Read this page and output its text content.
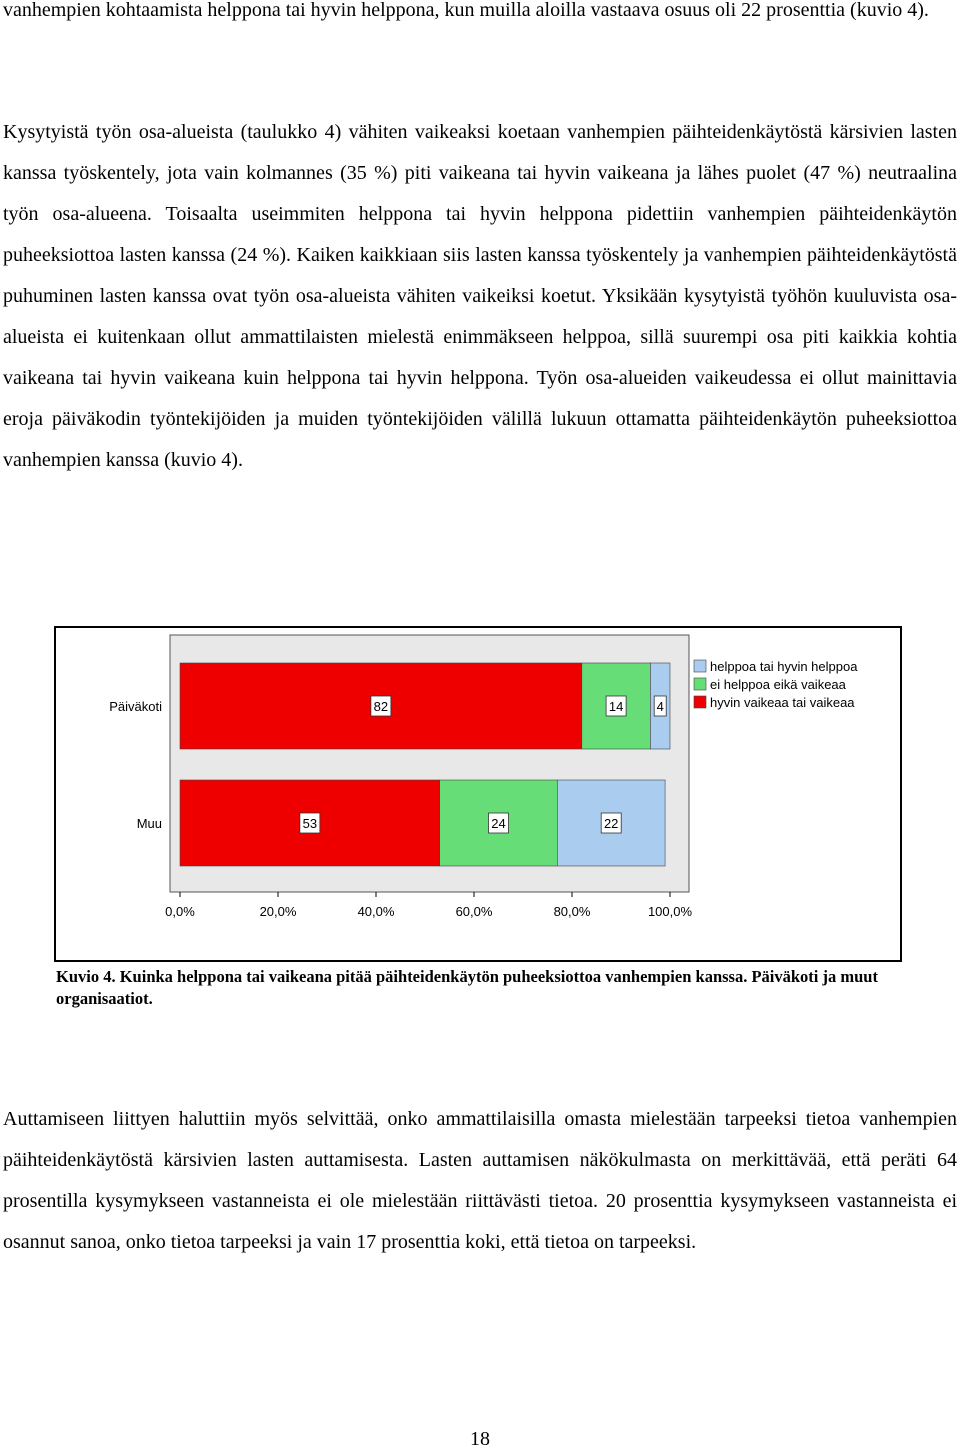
vanhempien kohtaamista helppona tai hyvin helppona, kun muilla aloilla vastaava osuus oli 22 prosenttia (kuvio 4).

Kysytyistä työn osa-alueista (taulukko 4) vähiten vaikeaksi koetaan vanhempien päihteidenkäytöstä kärsivien lasten kanssa työskentely, jota vain kolmannes (35 %) piti vaikeana tai hyvin vaikeana ja lähes puolet (47 %) neutraalina työn osa-alueena. Toisaalta useimmiten helppona tai hyvin helppona pidettiin vanhempien päihteidenkäytön puheeksiottoa lasten kanssa (24 %). Kaiken kaikkiaan siis lasten kanssa työskentely ja vanhempien päihteidenkäytöstä puhuminen lasten kanssa ovat työn osa-alueista vähiten vaikeiksi koetut. Yksikään kysytyistä työhön kuuluvista osa-alueista ei kuitenkaan ollut ammattilaisten mielestä enimmäkseen helppoa, sillä suurempi osa piti kaikkia kohtia vaikeana tai hyvin vaikeana kuin helppona tai hyvin helppona. Työn osa-alueiden vaikeudessa ei ollut mainittavia eroja päiväkodin työntekijöiden ja muiden työntekijöiden välillä lukuun ottamatta päihteidenkäytön puheeksiottoa vanhempien kanssa (kuvio 4).

82	14	4
Päiväkoti
53	24	22
Muu
0,0%	20,0%	40,0%	60,0%	80,0%	100,0%
helppoa tai hyvin helppoa
ei helppoa eikä vaikeaa
hyvin vaikeaa tai vaikeaa

Kuvio 4. Kuinka helppona tai vaikeana pitää päihteidenkäytön puheeksiottoa vanhempien kanssa. Päiväkoti ja muut organisaatiot.

Auttamiseen liittyen haluttiin myös selvittää, onko ammattilaisilla omasta mielestään tarpeeksi tietoa vanhempien päihteidenkäytöstä kärsivien lasten auttamisesta. Lasten auttamisen näkökulmasta on merkittävää, että peräti 64 prosentilla kysymykseen vastanneista ei ole mielestään riittävästi tietoa. 20 prosenttia kysymykseen vastanneista ei osannut sanoa, onko tietoa tarpeeksi ja vain 17 prosenttia koki, että tietoa on tarpeeksi.

18
